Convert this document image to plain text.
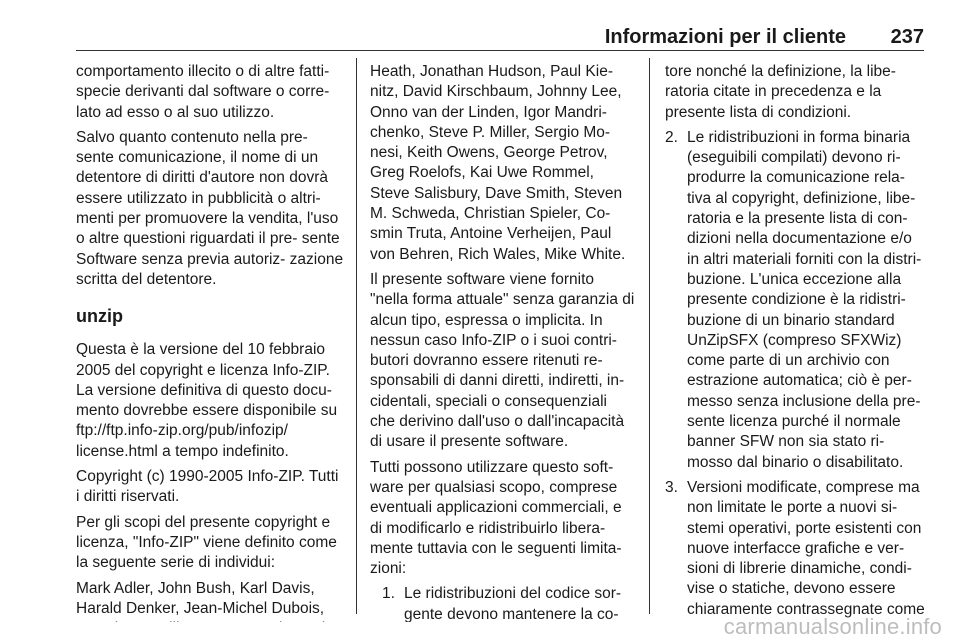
Informazioni per il cliente 237

comportamento illecito o di altre fatti- specie derivanti dal software o corre- lato ad esso o al suo utilizzo.

Salvo quanto contenuto nella pre- sente comunicazione, il nome di un detentore di diritti d'autore non dovrà essere utilizzato in pubblicità o altri- menti per promuovere la vendita, l'uso o altre questioni riguardati il pre- sente Software senza previa autoriz- zazione scritta del detentore.

unzip

Questa è la versione del 10 febbraio 2005 del copyright e licenza Info-ZIP. La versione definitiva di questo docu- mento dovrebbe essere disponibile su ftp://ftp.info-zip.org/pub/infozip/ license.html a tempo indefinito.

Copyright (c) 1990-2005 Info-ZIP. Tutti i diritti riservati.

Per gli scopi del presente copyright e licenza, "Info-ZIP" viene definito come la seguente serie di individui:

Mark Adler, John Bush, Karl Davis, Harald Denker, Jean-Michel Dubois,

Heath, Jonathan Hudson, Paul Kie- nitz, David Kirschbaum, Johnny Lee, Onno van der Linden, Igor Mandri- chenko, Steve P. Miller, Sergio Mo- nesi, Keith Owens, George Petrov, Greg Roelofs, Kai Uwe Rommel, Steve Salisbury, Dave Smith, Steven M. Schweda, Christian Spieler, Co- smin Truta, Antoine Verheijen, Paul von Behren, Rich Wales, Mike White.

Il presente software viene fornito "nella forma attuale" senza garanzia di alcun tipo, espressa o implicita. In nessun caso Info-ZIP o i suoi contri- butori dovranno essere ritenuti re- sponsabili di danni diretti, indiretti, in- cidentali, speciali o consequenziali che derivino dall'uso o dall'incapacità di usare il presente software.

Tutti possono utilizzare questo soft- ware per qualsiasi scopo, comprese eventuali applicazioni commerciali, e di modificarlo e ridistribuirlo libera- mente tuttavia con le seguenti limita- zioni:

1. Le ridistribuzioni del codice sor- gente devono mantenere la co-

tore nonché la definizione, la libe- ratoria citate in precedenza e la presente lista di condizioni.

2. Le ridistribuzioni in forma binaria (eseguibili compilati) devono ri- produrre la comunicazione rela- tiva al copyright, definizione, libe- ratoria e la presente lista di con- dizioni nella documentazione e/o in altri materiali forniti con la distri- buzione. L'unica eccezione alla presente condizione è la ridistri- buzione di un binario standard UnZipSFX (compreso SFXWiz) come parte di un archivio con estrazione automatica; ciò è per- messo senza inclusione della pre- sente licenza purché il normale banner SFW non sia stato ri- mosso dal binario o disabilitato.
3. Versioni modificate, comprese ma non limitate le porte a nuovi si- stemi operativi, porte esistenti con nuove interfacce grafiche e ver- sioni di librerie dinamiche, condi- vise o statiche, devono essere chiaramente contrassegnate come
carmanualsonline.info
